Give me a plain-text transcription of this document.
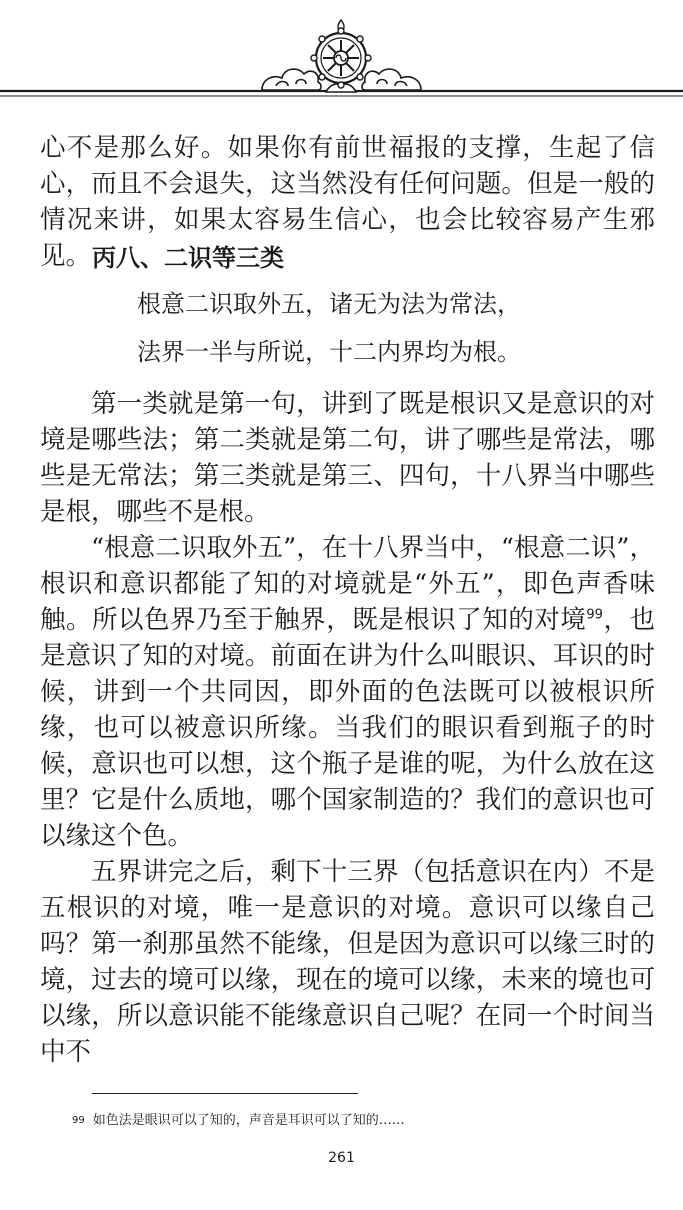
心不是那么好。如果你有前世福报的支撑，生起了信心，而且不会退失，这当然没有任何问题。但是一般的情况来讲，如果太容易生信心，也会比较容易产生邪见。 丙八、二识等三类

根意二识取外五，诸无为法为常法，

法界一半与所说，十二内界均为根。

第一类就是第一句，讲到了既是根识又是意识的对境是哪些法；第二类就是第二句，讲了哪些是常法，哪些是无常法；第三类就是第三、四句，十八界当中哪些是根，哪些不是根。

“根意二识取外五”，在十八界当中，“根意二识”，根识和意识都能了知的对境就是“外五”，即色声香味触。所以色界乃至于触界，既是根识了知的对境$^{99}$，也是意识了知的对境。前面在讲为什么叫眼识、耳识的时候，讲到一个共同因，即外面的色法既可以被根识所缘，也可以被意识所缘。当我们的眼识看到瓶子的时候，意识也可以想，这个瓶子是谁的呢，为什么放在这里？它是什么质地，哪个国家制造的？我们的意识也可以缘这个色。

五界讲完之后，剩下十三界（包括意识在内）不是五根识的对境，唯一是意识的对境。意识可以缘自己吗？第一刹那虽然不能缘，但是因为意识可以缘三时的境，过去的境可以缘，现在的境可以缘，未来的境也可以缘，所以意识能不能缘意识自己呢？在同一个时间当中不

$^{99}$ 如色法是眼识可以了知的，声音是耳识可以了知的……

261
